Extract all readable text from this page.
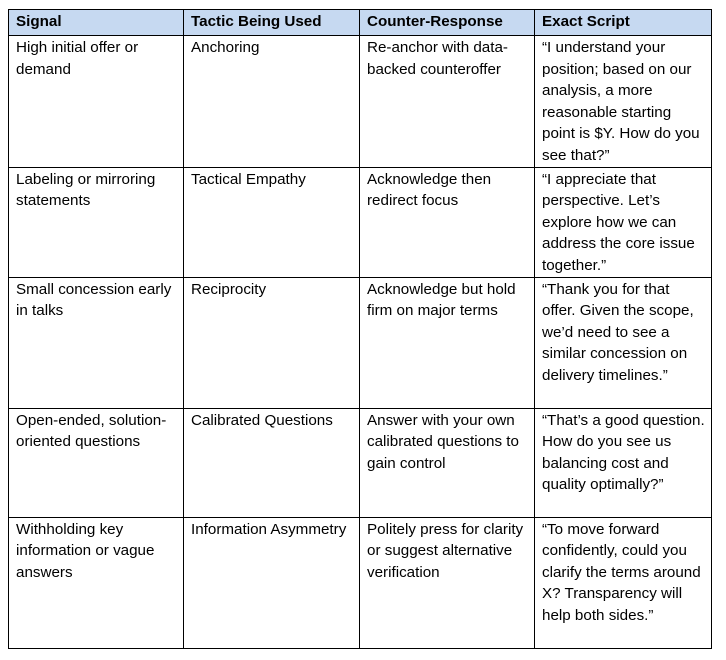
Signal	Tactic Being Used	Counter-Response	Exact Script
High initial offer or demand	Anchoring	Re-anchor with data-backed counteroffer	“I understand your position; based on our analysis, a more reasonable starting point is $Y. How do you see that?”
Labeling or mirroring statements	Tactical Empathy	Acknowledge then redirect focus	“I appreciate that perspective. Let’s explore how we can address the core issue together.”
Small concession early in talks	Reciprocity	Acknowledge but hold firm on major terms	“Thank you for that offer. Given the scope, we’d need to see a similar concession on delivery timelines.”
Open-ended, solution-oriented questions	Calibrated Questions	Answer with your own calibrated questions to gain control	“That’s a good question. How do you see us balancing cost and quality optimally?”
Withholding key information or vague answers	Information Asymmetry	Politely press for clarity or suggest alternative verification	“To move forward confidently, could you clarify the terms around X? Transparency will help both sides.”
